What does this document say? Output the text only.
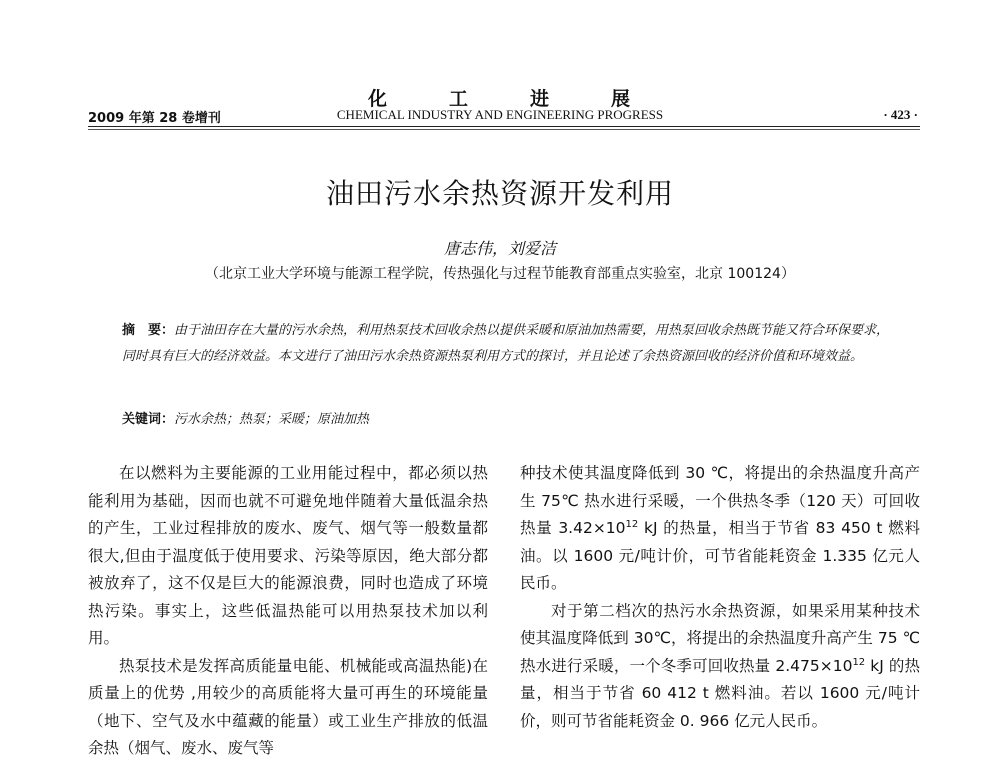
化	工	进	展
2009 年第 28 卷增刊	CHEMICAL INDUSTRY AND ENGINEERING PROGRESS	· 423 ·
油田污水余热资源开发利用
唐志伟，刘爱洁
（北京工业大学环境与能源工程学院，传热强化与过程节能教育部重点实验室，北京 100124）
摘　要：由于油田存在大量的污水余热，利用热泵技术回收余热以提供采暖和原油加热需要，用热泵回收余热既节能又符合环保要求，同时具有巨大的经济效益。本文进行了油田污水余热资源热泵利用方式的探讨，并且论述了余热资源回收的经济价值和环境效益。
关键词：污水余热；热泵；采暖；原油加热

在以燃料为主要能源的工业用能过程中，都必须以热能利用为基础，因而也就不可避免地伴随着大量低温余热的产生，工业过程排放的废水、废气、烟气等一般数量都很大,但由于温度低于使用要求、污染等原因，绝大部分都被放弃了，这不仅是巨大的能源浪费，同时也造成了环境热污染。事实上，这些低温热能可以用热泵技术加以利用。

热泵技术是发挥高质能量电能、机械能或高温热能)在质量上的优势 ,用较少的高质能将大量可再生的环境能量（地下、空气及水中蕴藏的能量）或工业生产排放的低温余热（烟气、废水、废气等

种技术使其温度降低到 30 ℃，将提出的余热温度升高产生 75℃ 热水进行采暖，一个供热冬季（120 天）可回收热量 $3.42\times 10^{12}$ kJ 的热量，相当于节省 83 450 t 燃料油。以 1600 元/吨计价，可节省能耗资金 1.335 亿元人民币。

对于第二档次的热污水余热资源，如果采用某种技术使其温度降低到 30℃，将提出的余热温度升高产生 75 ℃热水进行采暖，一个冬季可回收热量 $2.475\times 10^{12}$ kJ 的热量，相当于节省 60 412 t 燃料油。若以 1600 元/吨计价，则可节省能耗资金 0. 966 亿元人民币。
